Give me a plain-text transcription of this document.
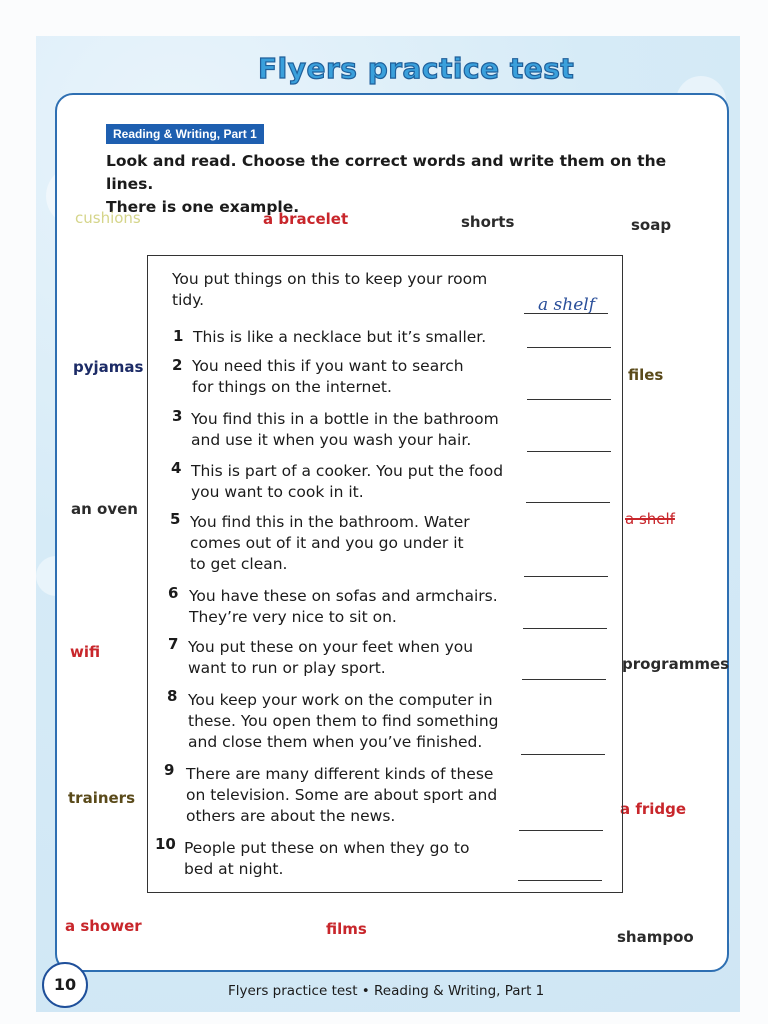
Flyers practice test
Reading & Writing, Part 1
Look and read. Choose the correct words and write them on the lines.
There is one example.
cushions	a bracelet	shorts	soap
pyjamas	files
an oven
a shelf
wifi
programmes
trainers
a fridge
a shower	films	shampoo
You put things on this to keep your room
tidy.	a shelf
1 This is like a necklace but it’s smaller.
2 You need this if you want to search
for things on the internet.
3 You find this in a bottle in the bathroom
and use it when you wash your hair.
4 This is part of a cooker. You put the food
you want to cook in it.
5 You find this in the bathroom. Water
comes out of it and you go under it
to get clean.
6 You have these on sofas and armchairs.
They’re very nice to sit on.
7 You put these on your feet when you
want to run or play sport.
8 You keep your work on the computer in
these. You open them to find something
and close them when you’ve finished.
9 There are many different kinds of these
on television. Some are about sport and
others are about the news.
10 People put these on when they go to
bed at night.
10	Flyers practice test • Reading & Writing, Part 1
